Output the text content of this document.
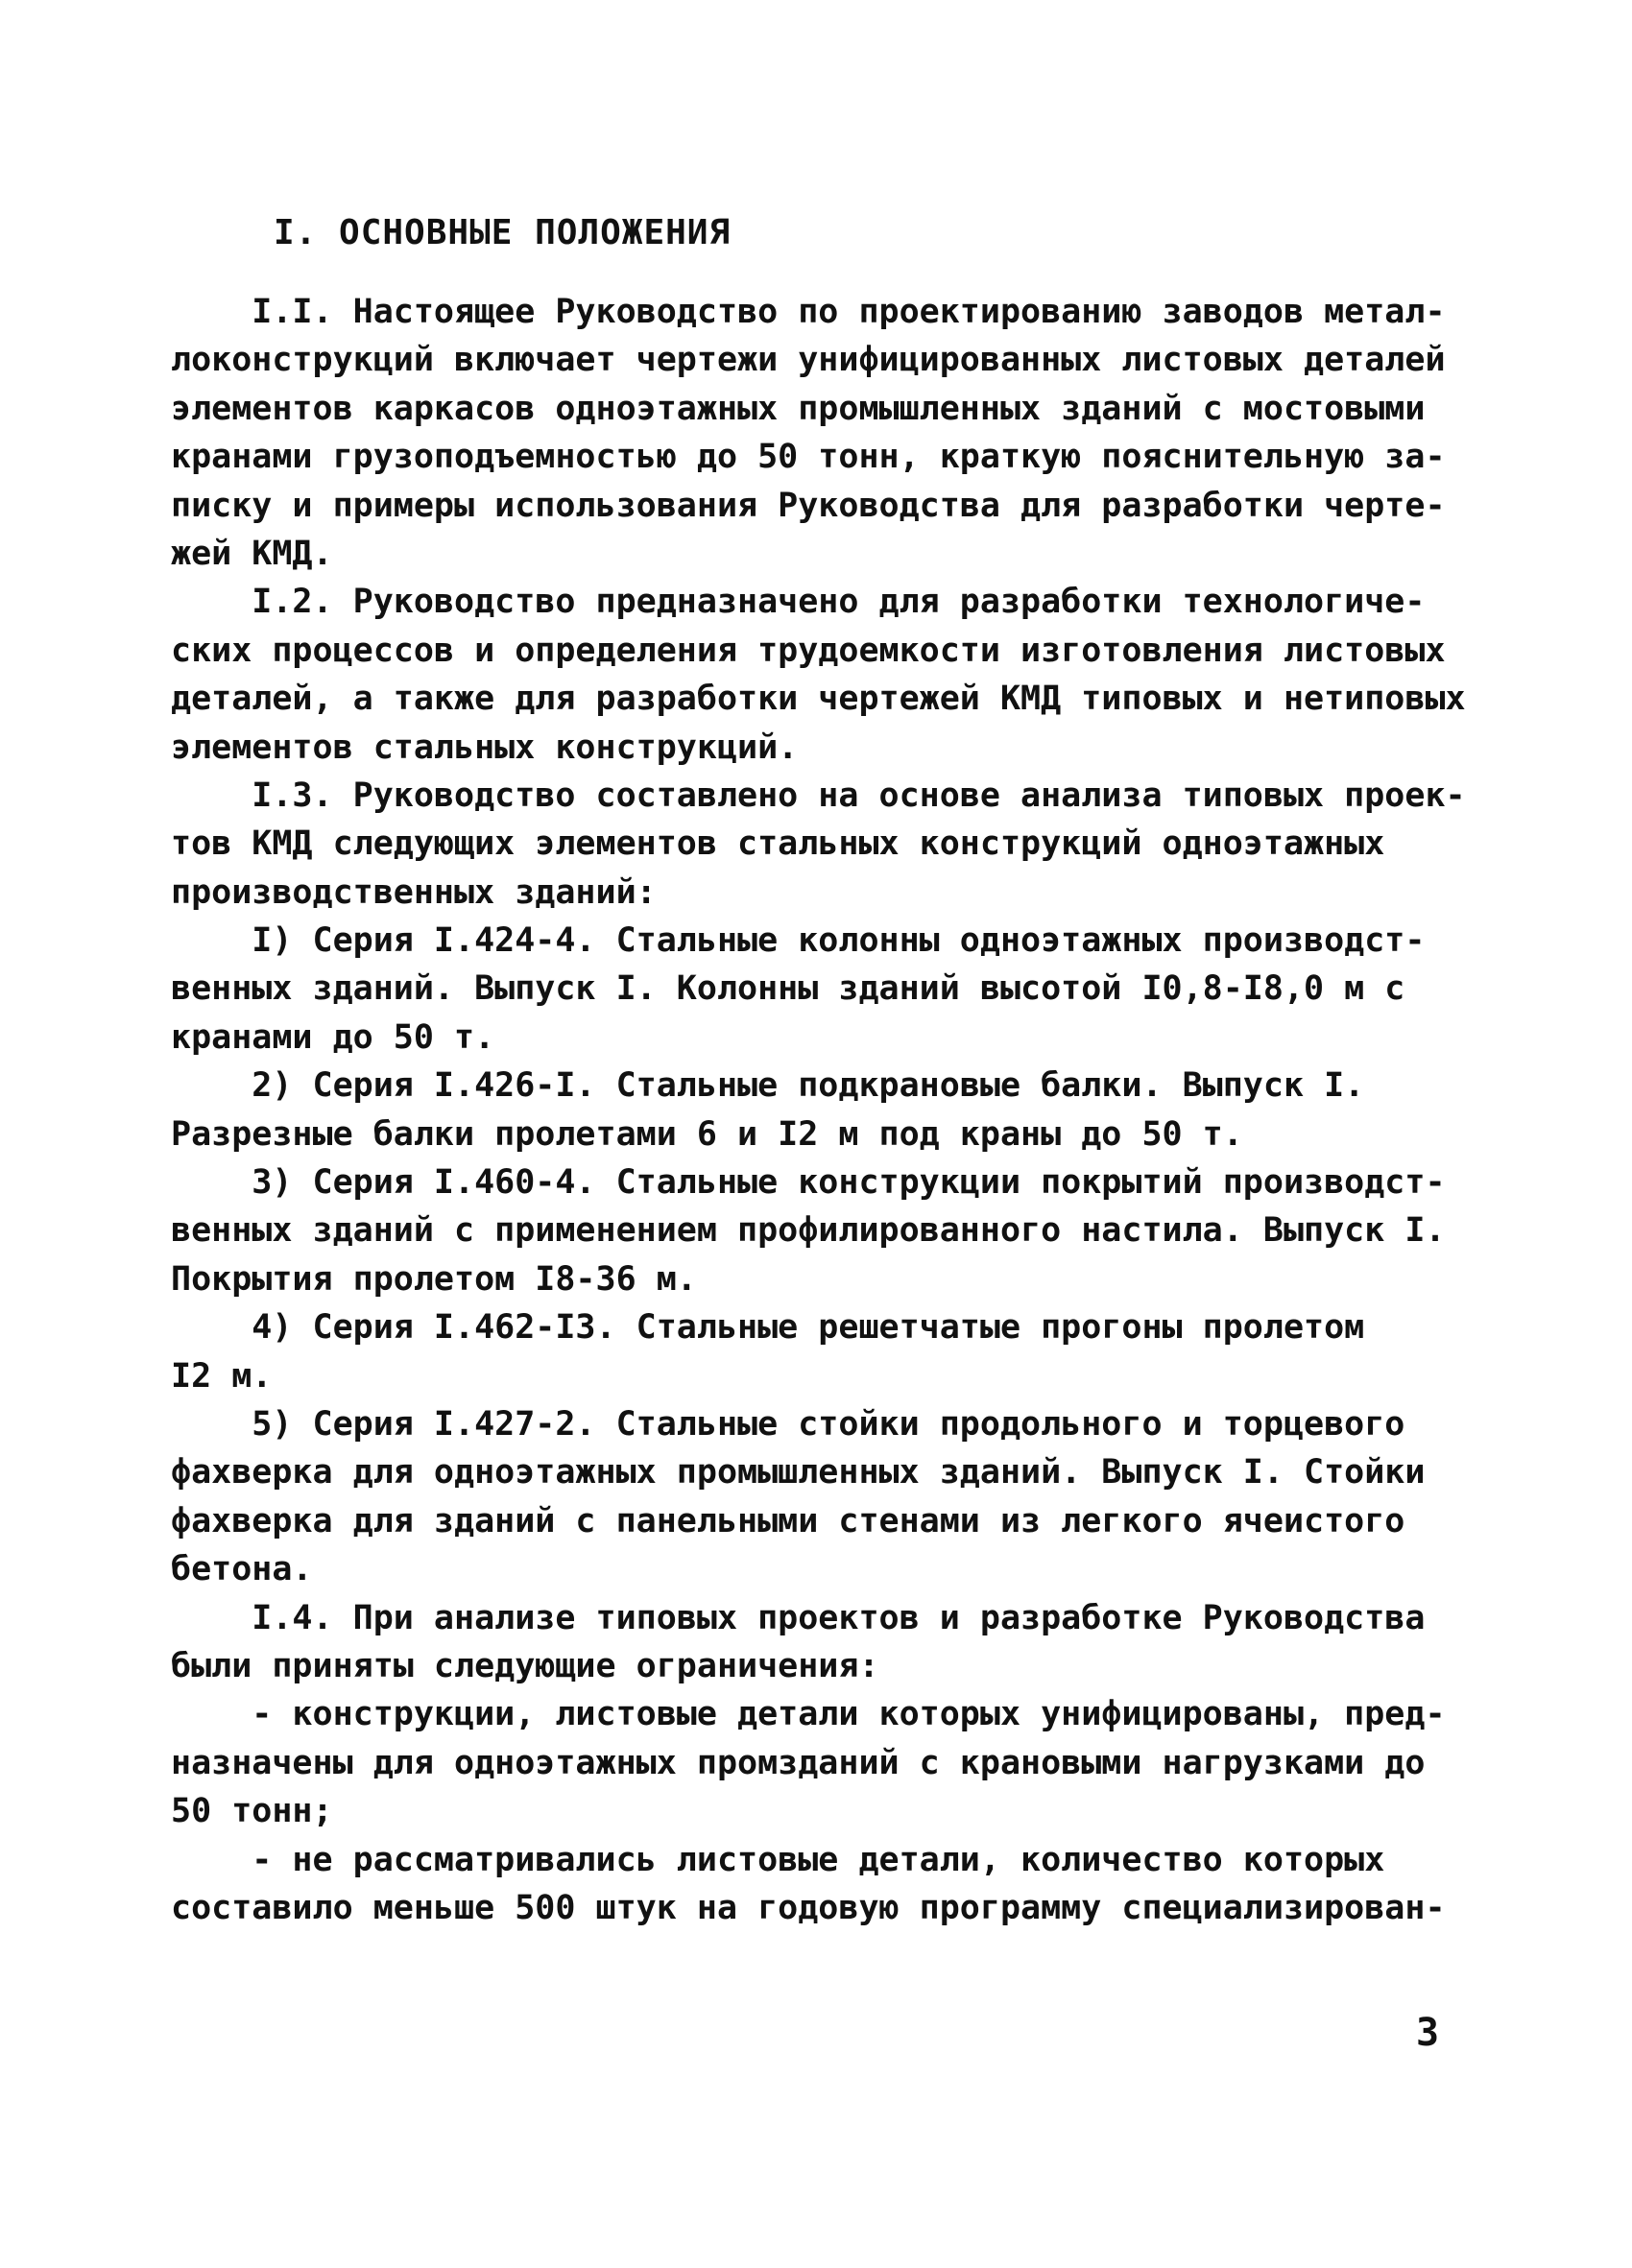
I. ОСНОВНЫЕ ПОЛОЖЕНИЯ
I.I. Настоящее Руководство по проектированию заводов метал-
локонструкций включает чертежи унифицированных листовых деталей
элементов каркасов одноэтажных промышленных зданий с мостовыми
кранами грузоподъемностью до 50 тонн, краткую пояснительную за-
писку и примеры использования Руководства для разработки черте-
жей КМД.
I.2. Руководство предназначено для разработки технологиче-
ских процессов и определения трудоемкости изготовления листовых
деталей, а также для разработки чертежей КМД типовых и нетиповых
элементов стальных конструкций.
I.3. Руководство составлено на основе анализа типовых проек-
тов КМД следующих элементов стальных конструкций одноэтажных
производственных зданий:
I) Серия I.424-4. Стальные колонны одноэтажных производст-
венных зданий. Выпуск I. Колонны зданий высотой I0,8-I8,0 м с
кранами до 50 т.
2) Серия I.426-I. Стальные подкрановые балки. Выпуск I.
Разрезные балки пролетами 6 и I2 м под краны до 50 т.
3) Серия I.460-4. Стальные конструкции покрытий производст-
венных зданий с применением профилированного настила. Выпуск I.
Покрытия пролетом I8-36 м.
4) Серия I.462-I3. Стальные решетчатые прогоны пролетом
I2 м.
5) Серия I.427-2. Стальные стойки продольного и торцевого
фахверка для одноэтажных промышленных зданий. Выпуск I. Стойки
фахверка для зданий с панельными стенами из легкого ячеистого
бетона.
I.4. При анализе типовых проектов и разработке Руководства
были приняты следующие ограничения:
- конструкции, листовые детали которых унифицированы, пред-
назначены для одноэтажных промзданий с крановыми нагрузками до
50 тонн;
- не рассматривались листовые детали, количество которых
составило меньше 500 штук на годовую программу специализирован-
3
